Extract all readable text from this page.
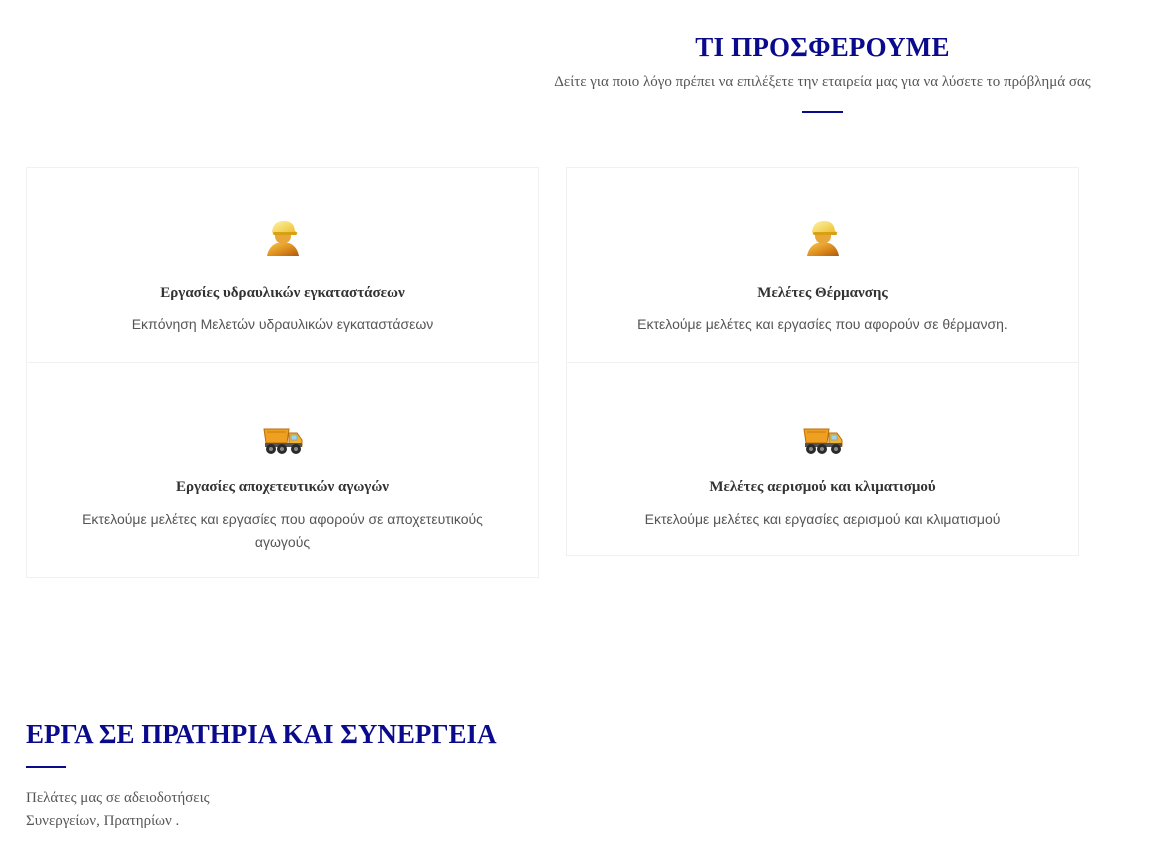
ΤΙ ΠΡΟΣΦΕΡΟΥΜΕ
Δείτε για ποιο λόγο πρέπει να επιλέξετε την εταιρεία μας για να λύσετε το πρόβλημά σας
Εργασίες υδραυλικών εγκαταστάσεων
Εκπόνηση Μελετών υδραυλικών εγκαταστάσεων
Μελέτες Θέρμανσης
Εκτελούμε μελέτες και εργασίες που αφορούν σε θέρμανση.
Εργασίες αποχετευτικών αγωγών
Εκτελούμε μελέτες και εργασίες που αφορούν σε αποχετευτικούς αγωγούς
Μελέτες αερισμού και κλιματισμού
Εκτελούμε μελέτες και εργασίες αερισμού και κλιματισμού
ΕΡΓΑ ΣΕ ΠΡΑΤΗΡΙΑ ΚΑΙ ΣΥΝΕΡΓΕΙΑ
Πελάτες μας σε αδειοδοτήσεις
Συνεργείων, Πρατηρίων .
